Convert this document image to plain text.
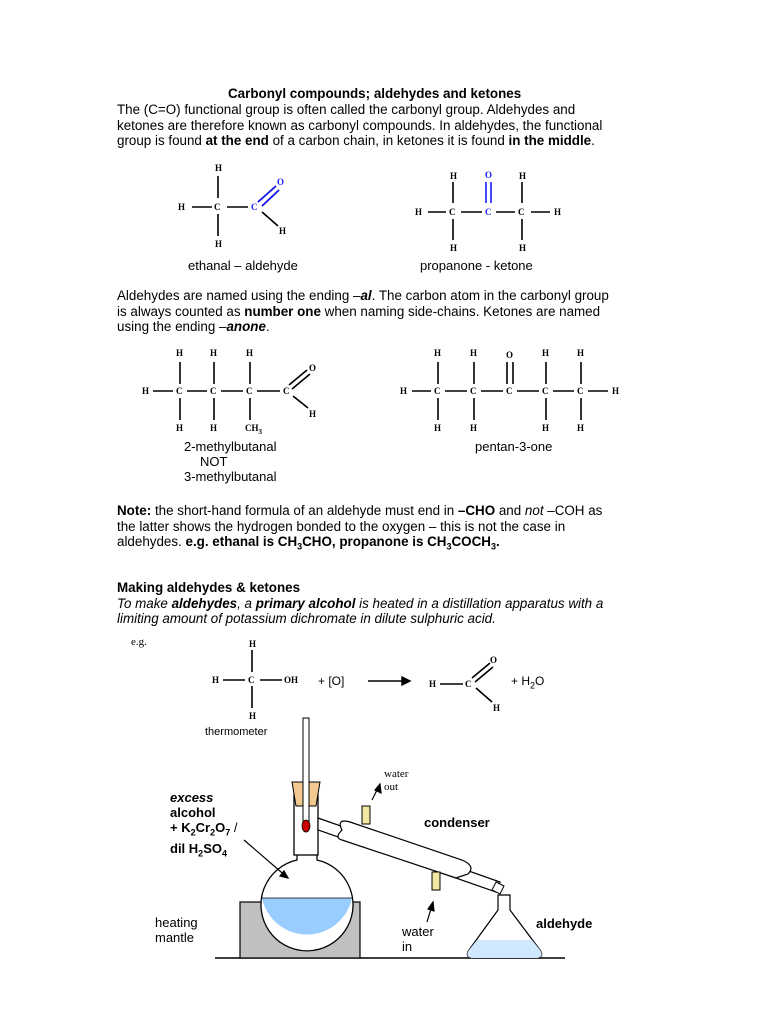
Carbonyl compounds; aldehydes and ketones
The (C=O) functional group is often called the carbonyl group. Aldehydes and
ketones are therefore known as carbonyl compounds. In aldehydes, the functional
group is found at the end of a carbon chain, in ketones it is found in the middle.
H
H	C	C
O
H
H
ethanal – aldehyde
H	O	H
H	C	C	C	H
H	H
propanone - ketone
Aldehydes are named using the ending –al. The carbon atom in the carbonyl group
is always counted as number one when naming side-chains. Ketones are named
using the ending –anone.
H	H	H
O
H	C	C	C	C
H
H	H	$CH_3$
2-methylbutanal
NOT
3-methylbutanal
H	H	O	H	H
H	C	C	C	C	C	H
H	H	H	H
pentan-3-one
Note: the short-hand formula of an aldehyde must end in –CHO and not –COH as
the latter shows the hydrogen bonded to the oxygen – this is not the case in
aldehydes. e.g. ethanal is $CH_3CHO$, propanone is $CH_3COCH_3$.
Making aldehydes & ketones
To make aldehydes, a primary alcohol is heated in a distillation apparatus with a
limiting amount of potassium dichromate in dilute sulphuric acid.
e.g.	H
H	C	OH
H
+ [O]
O
H	C
H
+ $H_2O$
thermometer
water
out
excess
alcohol
+ $K_2Cr_2O_7$ /
dil $H_2SO_4$
condenser
heating
mantle	water
in
aldehyde
